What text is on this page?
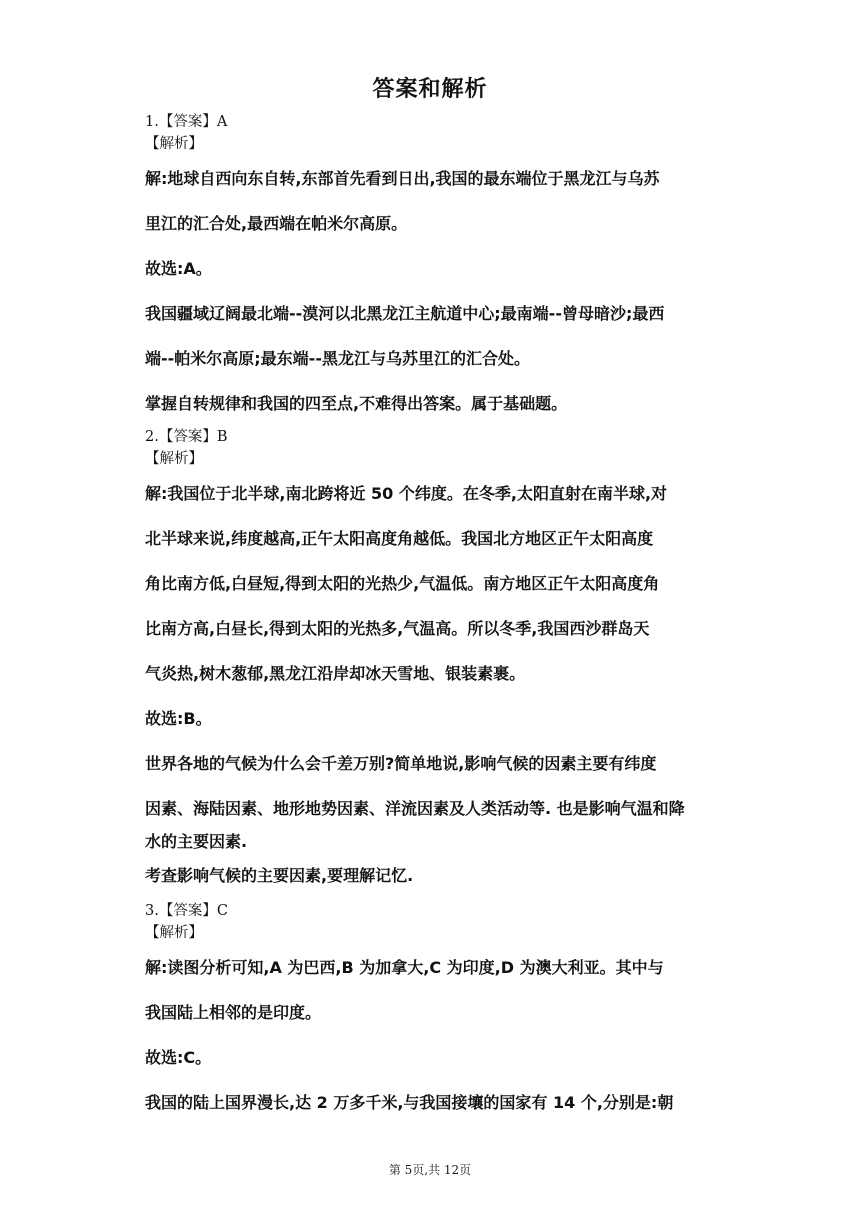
答案和解析
1.【答案】A
【解析】
解:地球自西向东自转,东部首先看到日出,我国的最东端位于黑龙江与乌苏
里江的汇合处,最西端在帕米尔高原。
故选:A。
我国疆域辽阔最北端--漠河以北黑龙江主航道中心;最南端--曾母暗沙;最西
端--帕米尔高原;最东端--黑龙江与乌苏里江的汇合处。
掌握自转规律和我国的四至点,不难得出答案。属于基础题。
2.【答案】B
【解析】
解:我国位于北半球,南北跨将近 50 个纬度。在冬季,太阳直射在南半球,对
北半球来说,纬度越高,正午太阳高度角越低。我国北方地区正午太阳高度
角比南方低,白昼短,得到太阳的光热少,气温低。南方地区正午太阳高度角
比南方高,白昼长,得到太阳的光热多,气温高。所以冬季,我国西沙群岛天
气炎热,树木葱郁,黑龙江沿岸却冰天雪地、银装素裹。
故选:B。
世界各地的气候为什么会千差万别?简单地说,影响气候的因素主要有纬度
因素、海陆因素、地形地势因素、洋流因素及人类活动等. 也是影响气温和降
水的主要因素.
考查影响气候的主要因素,要理解记忆.
3.【答案】C
【解析】
解:读图分析可知,A 为巴西,B 为加拿大,C 为印度,D 为澳大利亚。其中与
我国陆上相邻的是印度。
故选:C。
我国的陆上国界漫长,达 2 万多千米,与我国接壤的国家有 14 个,分别是:朝
第 5页,共 12页
